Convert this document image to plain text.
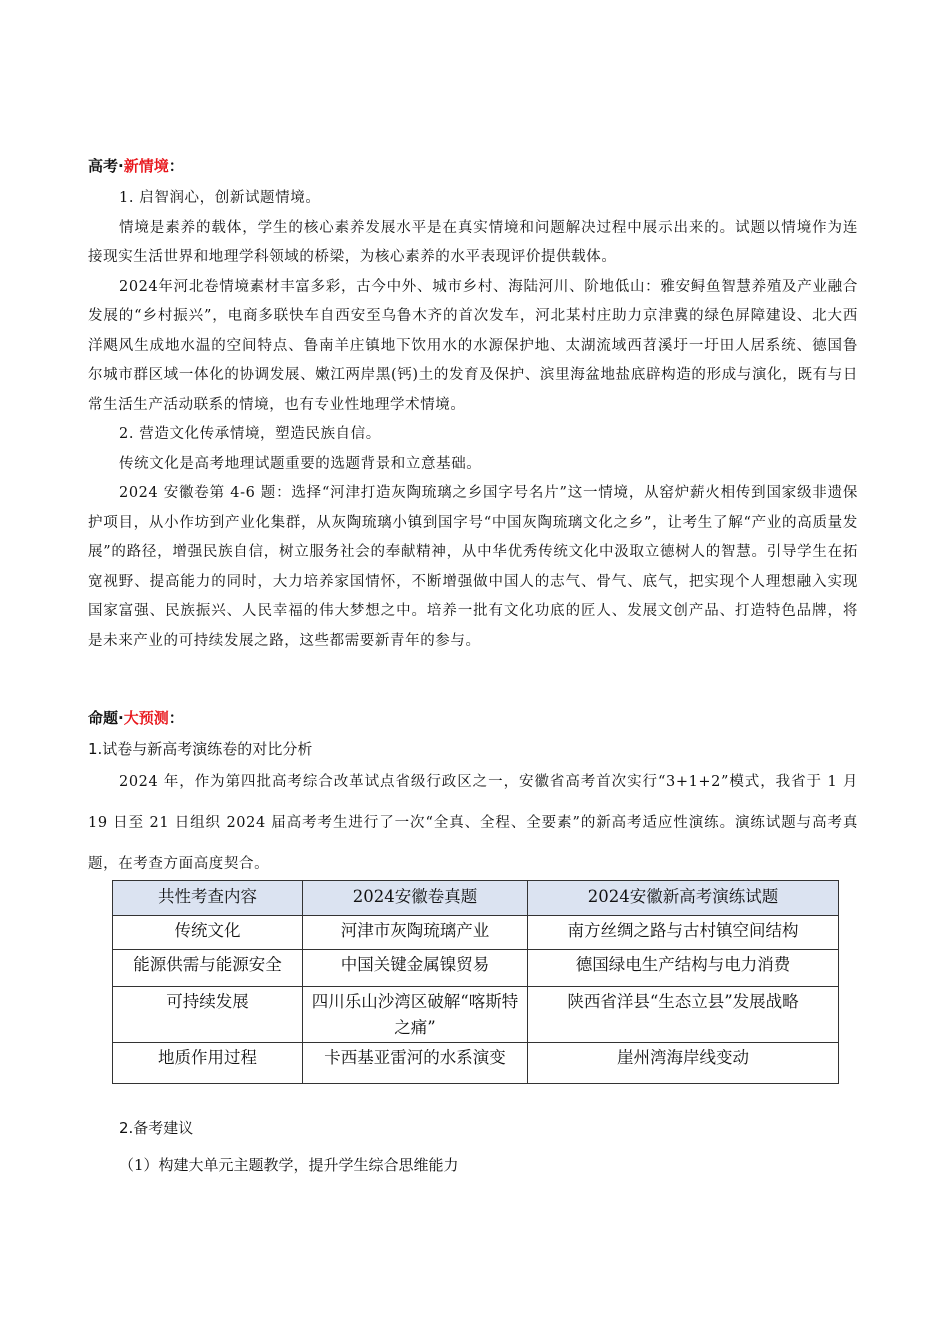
高考·新情境：
1. 启智润心，创新试题情境。
情境是素养的载体，学生的核心素养发展水平是在真实情境和问题解决过程中展示出来的。试题以情境作为连接现实生活世界和地理学科领域的桥梁，为核心素养的水平表现评价提供载体。
2024年河北卷情境素材丰富多彩，古今中外、城市乡村、海陆河川、阶地低山：雅安鲟鱼智慧养殖及产业融合发展的“乡村振兴”，电商多联快车自西安至乌鲁木齐的首次发车，河北某村庄助力京津冀的绿色屏障建设、北大西洋飓风生成地水温的空间特点、鲁南羊庄镇地下饮用水的水源保护地、太湖流域西苕溪圩一圩田人居系统、德国鲁尔城市群区域一体化的协调发展、嫩江两岸黑(钙)土的发育及保护、滨里海盆地盐底辟构造的形成与演化，既有与日常生活生产活动联系的情境，也有专业性地理学术情境。
2. 营造文化传承情境，塑造民族自信。
传统文化是高考地理试题重要的选题背景和立意基础。
2024 安徽卷第 4-6 题：选择“河津打造灰陶琉璃之乡国字号名片”这一情境，从窑炉薪火相传到国家级非遗保护项目，从小作坊到产业化集群，从灰陶琉璃小镇到国字号“中国灰陶琉璃文化之乡”，让考生了解“产业的高质量发展”的路径，增强民族自信，树立服务社会的奉献精神，从中华优秀传统文化中汲取立德树人的智慧。引导学生在拓宽视野、提高能力的同时，大力培养家国情怀，不断增强做中国人的志气、骨气、底气，把实现个人理想融入实现国家富强、民族振兴、人民幸福的伟大梦想之中。培养一批有文化功底的匠人、发展文创产品、打造特色品牌，将是未来产业的可持续发展之路，这些都需要新青年的参与。
命题·大预测：
1.试卷与新高考演练卷的对比分析
2024 年，作为第四批高考综合改革试点省级行政区之一，安徽省高考首次实行“3+1+2”模式，我省于 1 月 19 日至 21 日组织 2024 届高考考生进行了一次“全真、全程、全要素”的新高考适应性演练。演练试题与高考真题，在考查方面高度契合。
共性考查内容	2024安徽卷真题	2024安徽新高考演练试题
传统文化	河津市灰陶琉璃产业	南方丝绸之路与古村镇空间结构
能源供需与能源安全	中国关键金属镍贸易	德国绿电生产结构与电力消费
可持续发展	四川乐山沙湾区破解“喀斯特之痛”	陕西省洋县“生态立县”发展战略
地质作用过程	卡西基亚雷河的水系演变	崖州湾海岸线变动
2.备考建议
（1）构建大单元主题教学，提升学生综合思维能力
